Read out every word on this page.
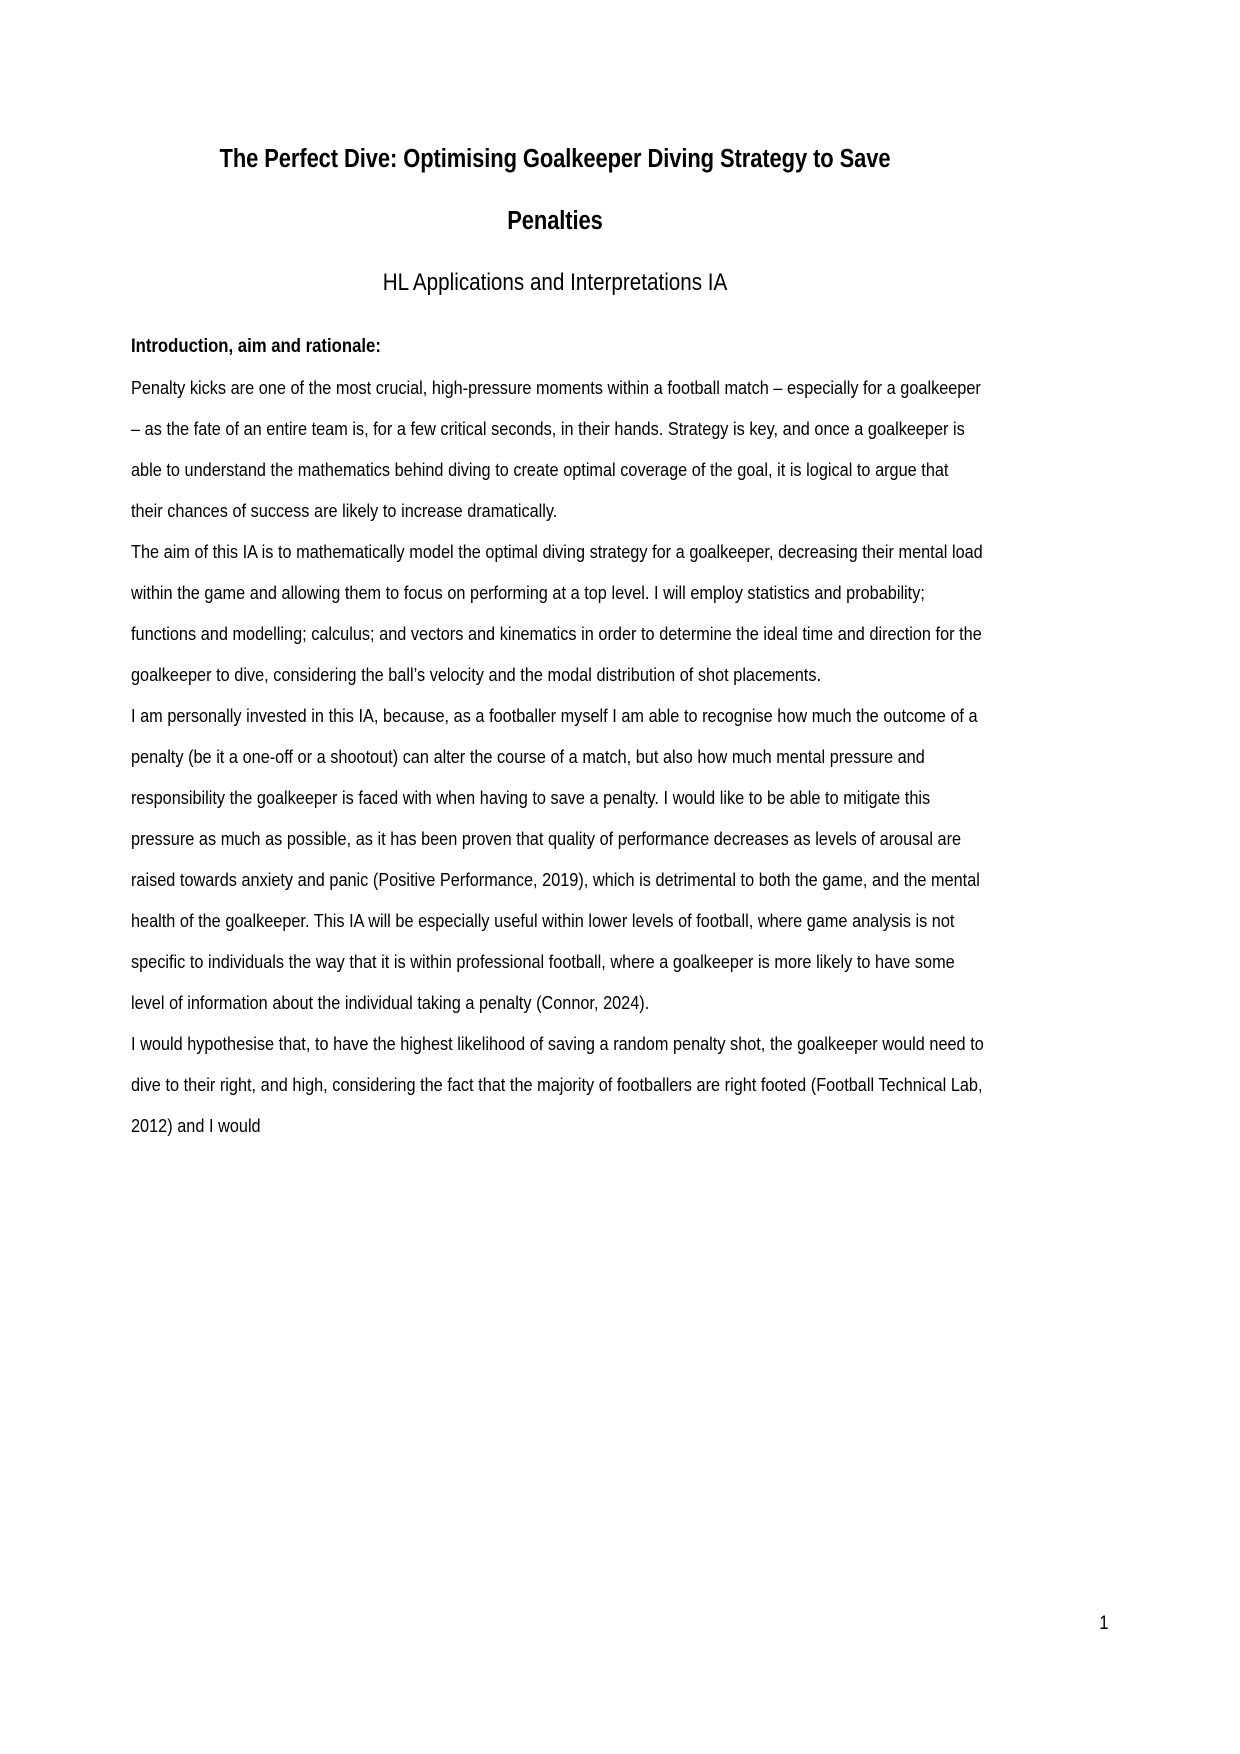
The Perfect Dive: Optimising Goalkeeper Diving Strategy to Save
Penalties
HL Applications and Interpretations IA
Introduction, aim and rationale:

Penalty kicks are one of the most crucial, high-pressure moments within a football match – especially for a goalkeeper – as the fate of an entire team is, for a few critical seconds, in their hands. Strategy is key, and once a goalkeeper is able to understand the mathematics behind diving to create optimal coverage of the goal, it is logical to argue that their chances of success are likely to increase dramatically.

The aim of this IA is to mathematically model the optimal diving strategy for a goalkeeper, decreasing their mental load within the game and allowing them to focus on performing at a top level. I will employ statistics and probability; functions and modelling; calculus; and vectors and kinematics in order to determine the ideal time and direction for the goalkeeper to dive, considering the ball’s velocity and the modal distribution of shot placements.

I am personally invested in this IA, because, as a footballer myself I am able to recognise how much the outcome of a penalty (be it a one-off or a shootout) can alter the course of a match, but also how much mental pressure and responsibility the goalkeeper is faced with when having to save a penalty. I would like to be able to mitigate this pressure as much as possible, as it has been proven that quality of performance decreases as levels of arousal are raised towards anxiety and panic (Positive Performance, 2019), which is detrimental to both the game, and the mental health of the goalkeeper. This IA will be especially useful within lower levels of football, where game analysis is not specific to individuals the way that it is within professional football, where a goalkeeper is more likely to have some level of information about the individual taking a penalty (Connor, 2024).

I would hypothesise that, to have the highest likelihood of saving a random penalty shot, the goalkeeper would need to dive to their right, and high, considering the fact that the majority of footballers are right footed (Football Technical Lab, 2012) and I would

1
